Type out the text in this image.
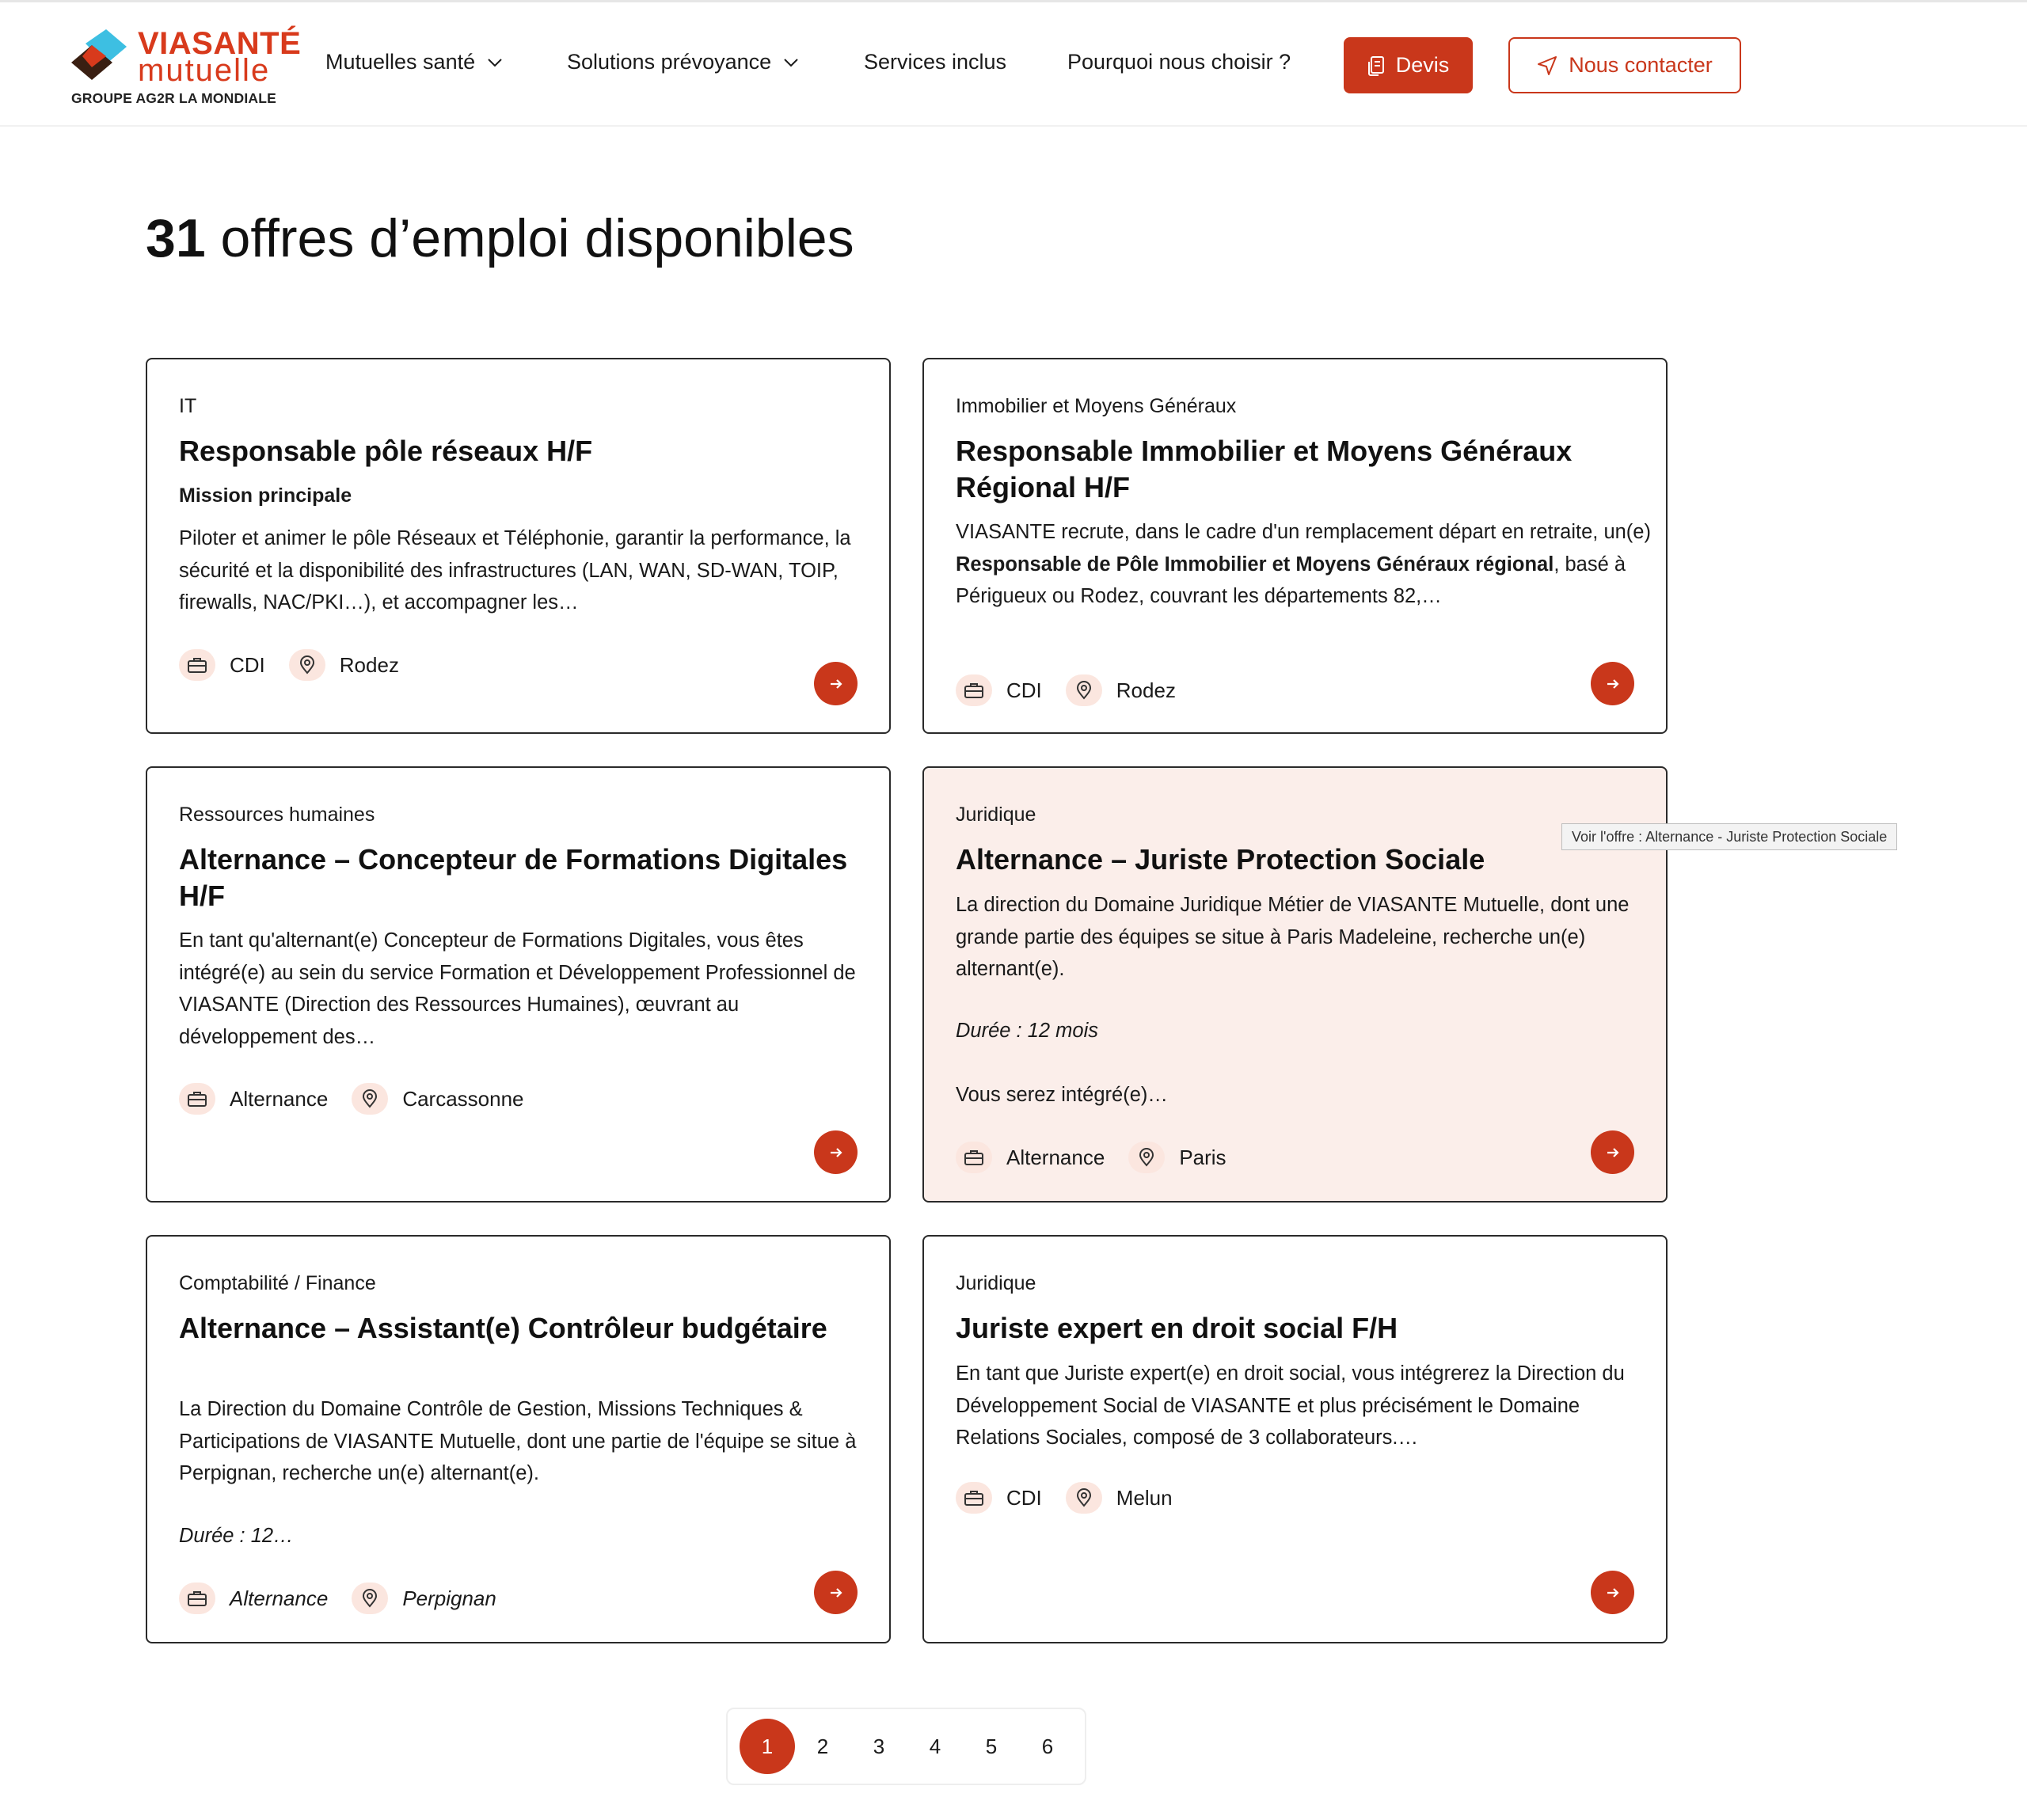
VIASANTÉ
mutuelle
GROUPE AG2R LA MONDIALE
Mutuelles santé	Solutions prévoyance	Services inclus	Pourquoi nous choisir ?	Devis	Nous contacter
31 offres d’emploi disponibles
IT
Responsable pôle réseaux H/F
Mission principale
Piloter et animer le pôle Réseaux et Téléphonie, garantir la performance, la sécurité et la disponibilité des infrastructures (LAN, WAN, SD-WAN, TOIP, firewalls, NAC/PKI…), et accompagner les…
CDI	Rodez
Immobilier et Moyens Généraux
Responsable Immobilier et Moyens Généraux Régional H/F
VIASANTE recrute, dans le cadre d'un remplacement départ en retraite, un(e) Responsable de Pôle Immobilier et Moyens Généraux régional, basé à Périgueux ou Rodez, couvrant les départements 82,…
CDI	Rodez
Ressources humaines
Alternance – Concepteur de Formations Digitales H/F
En tant qu'alternant(e) Concepteur de Formations Digitales, vous êtes intégré(e) au sein du service Formation et Développement Professionnel de VIASANTE (Direction des Ressources Humaines), œuvrant au développement des…
Alternance	Carcassonne
Juridique
Alternance – Juriste Protection Sociale
La direction du Domaine Juridique Métier de VIASANTE Mutuelle, dont une grande partie des équipes se situe à Paris Madeleine, recherche un(e) alternant(e).
Durée : 12 mois
Vous serez intégré(e)…
Alternance	Paris
Comptabilité / Finance
Alternance – Assistant(e) Contrôleur budgétaire
La Direction du Domaine Contrôle de Gestion, Missions Techniques & Participations de VIASANTE Mutuelle, dont une partie de l'équipe se situe à Perpignan, recherche un(e) alternant(e).
Durée : 12…
Alternance	Perpignan
Juridique
Juriste expert en droit social F/H
En tant que Juriste expert(e) en droit social, vous intégrerez la Direction du Développement Social de VIASANTE et plus précisément le Domaine Relations Sociales, composé de 3 collaborateurs.…
CDI	Melun
Voir l'offre : Alternance - Juriste Protection Sociale
1	2	3	4	5	6
